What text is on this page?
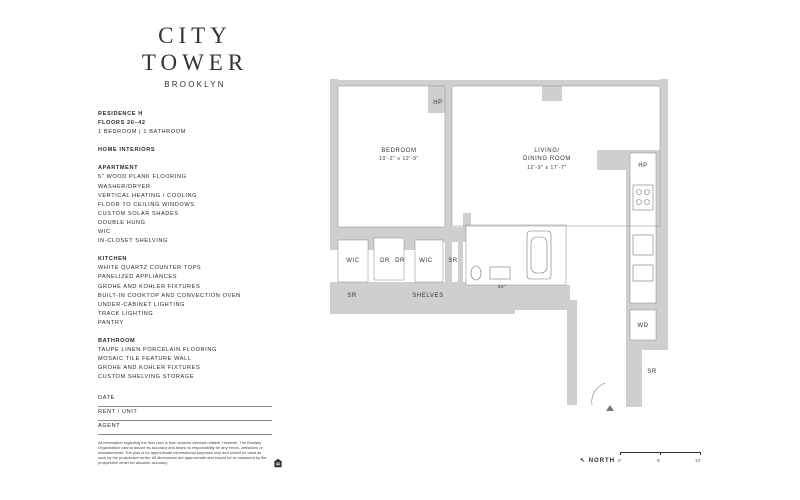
CITY
TOWER
BROOKLYN
RESIDENCE H
FLOORS 20–42
1 BEDROOM | 1 BATHROOM
HOME INTERIORS
APARTMENT
5" WOOD PLANK FLOORING
WASHER/DRYER
VERTICAL HEATING / COOLING
FLOOR TO CEILING WINDOWS
CUSTOM SOLAR SHADES
DOUBLE HUNG
WIC
IN-CLOSET SHELVING
KITCHEN
WHITE QUARTZ COUNTER TOPS
PANELIZED APPLIANCES
GROHE AND KOHLER FIXTURES
BUILT-IN COOKTOP AND CONVECTION OVEN
UNDER-CABINET LIGHTING
TRACK LIGHTING
PANTRY
BATHROOM
TAUPE LINEN PORCELAIN FLOORING
MOSAIC TILE FEATURE WALL
GROHE AND KOHLER FIXTURES
CUSTOM SHELVING STORAGE
DATE
RENT / UNIT
AGENT
All information regarding the floor plan is from sources deemed reliable. However, The Brodsky Organization cannot assure its accuracy and bears no responsibility for any errors, omissions or misstatements. The plan is for approximate informational purposes only and should be used as such by the prospective renter. All dimensions are approximate and should be re-measured by the prospective renter for absolute accuracy.
HP
HP
BEDROOM
10'-2" x 12'-9"
LIVING/
DINING ROOM
12'-9" x 17'-7"
WIC	DR DR WIC	SR
SR	SHELVES
WD
SR
30"
↖ NORTH 0'	6'	12'
